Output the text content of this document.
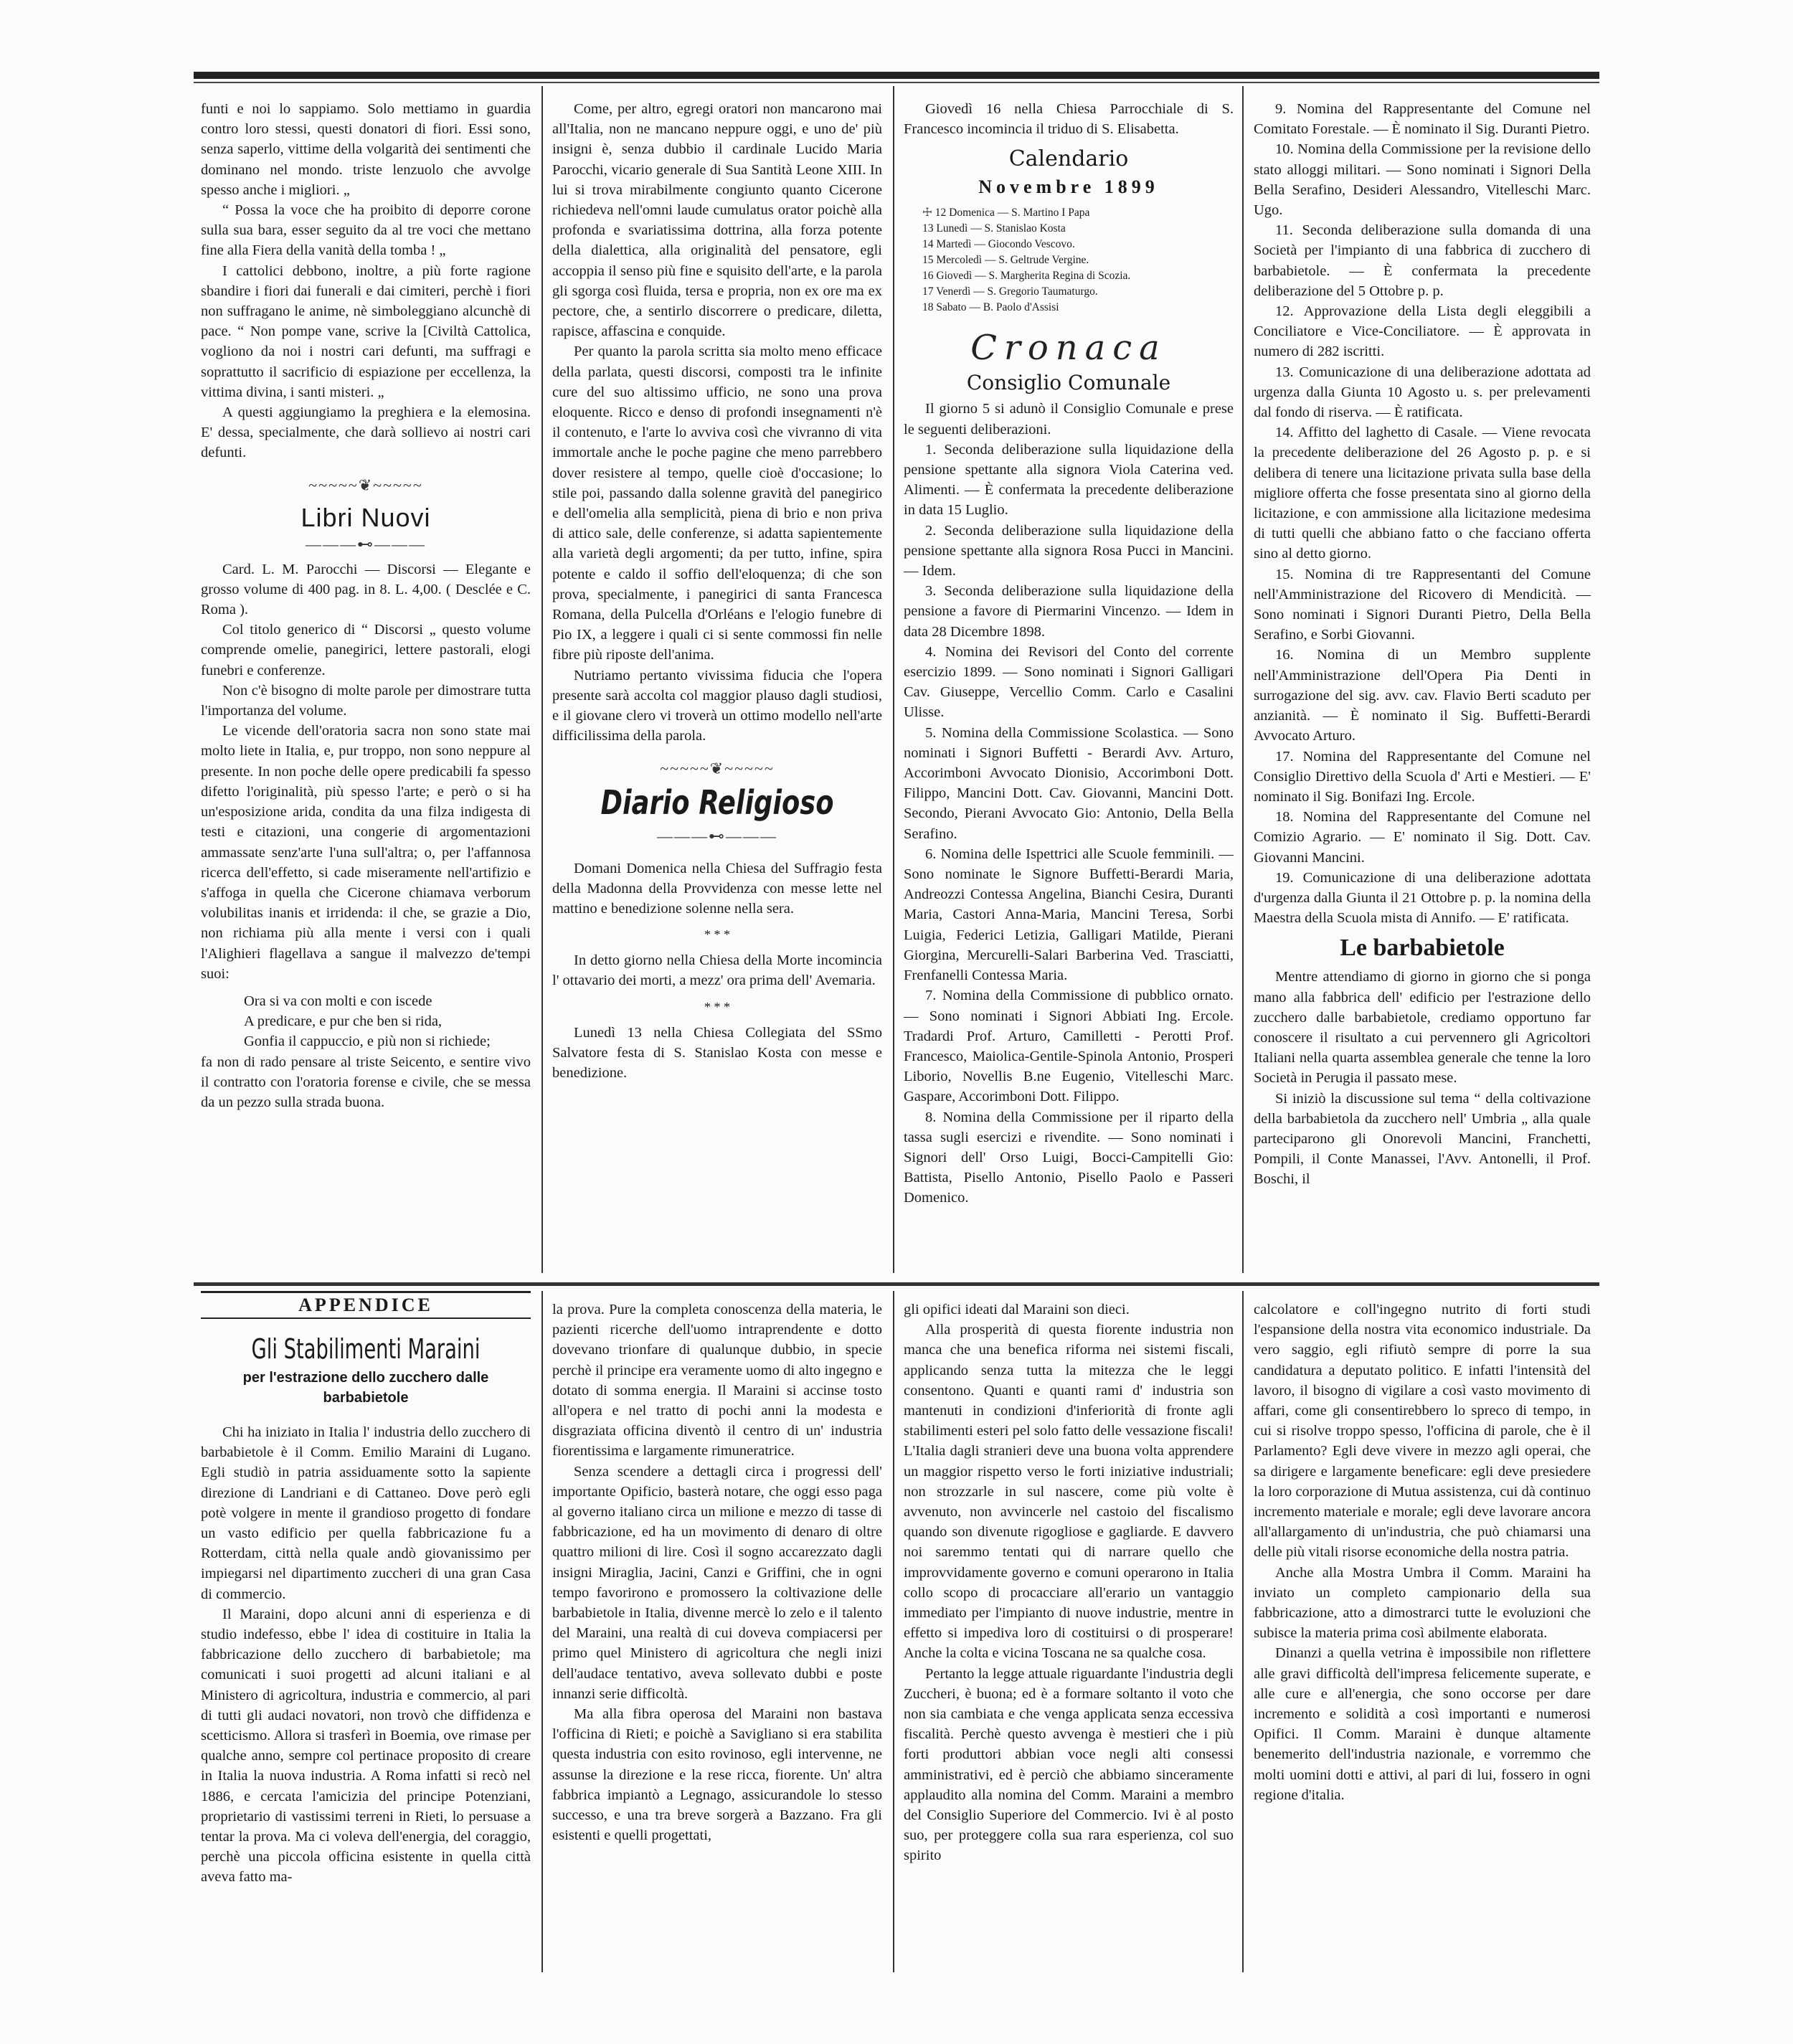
funti e noi lo sappiamo. Solo mettiamo in guardia contro loro stessi, questi donatori di fiori. Essi sono, senza saperlo, vittime della volgarità dei sentimenti che dominano nel mondo. triste lenzuolo che avvolge spesso anche i migliori. „

“ Possa la voce che ha proibito di deporre corone sulla sua bara, esser seguito da al tre voci che mettano fine alla Fiera della vanità della tomba ! „

I cattolici debbono, inoltre, a più forte ragione sbandire i fiori dai funerali e dai cimiteri, perchè i fiori non suffragano le anime, nè simboleggiano alcunchè di pace. “ Non pompe vane, scrive la [Civiltà Cattolica, vogliono da noi i nostri cari defunti, ma suffragi e soprattutto il sacrificio di espiazione per eccellenza, la vittima divina, i santi misteri. „

A questi aggiungiamo la preghiera e la elemosina. E' dessa, specialmente, che darà sollievo ai nostri cari defunti.

~~~~~❦~~~~~
Libri Nuovi
———⊷———

Card. L. M. Parocchi — Discorsi — Elegante e grosso volume di 400 pag. in 8. L. 4,00. ( Desclée e C. Roma ).

Col titolo generico di “ Discorsi „ questo volume comprende omelie, panegirici, lettere pastorali, elogi funebri e conferenze.

Non c'è bisogno di molte parole per dimostrare tutta l'importanza del volume.

Le vicende dell'oratoria sacra non sono state mai molto liete in Italia, e, pur troppo, non sono neppure al presente. In non poche delle opere predicabili fa spesso difetto l'originalità, più spesso l'arte; e però o si ha un'esposizione arida, condita da una filza indigesta di testi e citazioni, una congerie di argomentazioni ammassate senz'arte l'una sull'altra; o, per l'affannosa ricerca dell'effetto, si cade miseramente nell'artifizio e s'affoga in quella che Cicerone chiamava verborum volubilitas inanis et irridenda: il che, se grazie a Dio, non richiama più alla mente i versi con i quali l'Alighieri flagellava a sangue il malvezzo de'tempi suoi:

Ora si va con molti e con iscede

A predicare, e pur che ben si rida,

Gonfia il cappuccio, e più non si richiede;

fa non di rado pensare al triste Seicento, e sentire vivo il contratto con l'oratoria forense e civile, che se messa da un pezzo sulla strada buona.

Come, per altro, egregi oratori non mancarono mai all'Italia, non ne mancano neppure oggi, e uno de' più insigni è, senza dubbio il cardinale Lucido Maria Parocchi, vicario generale di Sua Santità Leone XIII. In lui si trova mirabilmente congiunto quanto Cicerone richiedeva nell'omni laude cumulatus orator poichè alla profonda e svariatissima dottrina, alla forza potente della dialettica, alla originalità del pensatore, egli accoppia il senso più fine e squisito dell'arte, e la parola gli sgorga così fluida, tersa e propria, non ex ore ma ex pectore, che, a sentirlo discorrere o predicare, diletta, rapisce, affascina e conquide.

Per quanto la parola scritta sia molto meno efficace della parlata, questi discorsi, composti tra le infinite cure del suo altissimo ufficio, ne sono una prova eloquente. Ricco e denso di profondi insegnamenti n'è il contenuto, e l'arte lo avviva così che vivranno di vita immortale anche le poche pagine che meno parrebbero dover resistere al tempo, quelle cioè d'occasione; lo stile poi, passando dalla solenne gravità del panegirico e dell'omelia alla semplicità, piena di brio e non priva di attico sale, delle conferenze, si adatta sapientemente alla varietà degli argomenti; da per tutto, infine, spira potente e caldo il soffio dell'eloquenza; di che son prova, specialmente, i panegirici di santa Francesca Romana, della Pulcella d'Orléans e l'elogio funebre di Pio IX, a leggere i quali ci si sente commossi fin nelle fibre più riposte dell'anima.

Nutriamo pertanto vivissima fiducia che l'opera presente sarà accolta col maggior plauso dagli studiosi, e il giovane clero vi troverà un ottimo modello nell'arte difficilissima della parola.

~~~~~❦~~~~~
Diario Religioso
———⊷———

Domani Domenica nella Chiesa del Suffragio festa della Madonna della Provvidenza con messe lette nel mattino e benedizione solenne nella sera.

* * *

In detto giorno nella Chiesa della Morte incomincia l' ottavario dei morti, a mezz' ora prima dell' Avemaria.

* * *

Lunedì 13 nella Chiesa Collegiata del SSmo Salvatore festa di S. Stanislao Kosta con messe e benedizione.

Giovedì 16 nella Chiesa Parrocchiale di S. Francesco incomincia il triduo di S. Elisabetta.

Calendario
Novembre 1899
☩ 12 Domenica — S. Martino I Papa
13 Lunedì — S. Stanislao Kosta
14 Martedì — Giocondo Vescovo.
15 Mercoledì — S. Geltrude Vergine.
16 Giovedì — S. Margherita Regina di Scozia.
17 Venerdì — S. Gregorio Taumaturgo.
18 Sabato — B. Paolo d'Assisi
Cronaca
Consiglio Comunale

Il giorno 5 si adunò il Consiglio Comunale e prese le seguenti deliberazioni.

1. Seconda deliberazione sulla liquidazione della pensione spettante alla signora Viola Caterina ved. Alimenti. — È confermata la precedente deliberazione in data 15 Luglio.

2. Seconda deliberazione sulla liquidazione della pensione spettante alla signora Rosa Pucci in Mancini. — Idem.

3. Seconda deliberazione sulla liquidazione della pensione a favore di Piermarini Vincenzo. — Idem in data 28 Dicembre 1898.

4. Nomina dei Revisori del Conto del corrente esercizio 1899. — Sono nominati i Signori Galligari Cav. Giuseppe, Vercellio Comm. Carlo e Casalini Ulisse.

5. Nomina della Commissione Scolastica. — Sono nominati i Signori Buffetti - Berardi Avv. Arturo, Accorimboni Avvocato Dionisio, Accorimboni Dott. Filippo, Mancini Dott. Cav. Giovanni, Mancini Dott. Secondo, Pierani Avvocato Gio: Antonio, Della Bella Serafino.

6. Nomina delle Ispettrici alle Scuole femminili. — Sono nominate le Signore Buffetti-Berardi Maria, Andreozzi Contessa Angelina, Bianchi Cesira, Duranti Maria, Castori Anna-Maria, Mancini Teresa, Sorbi Luigia, Federici Letizia, Galligari Matilde, Pierani Giorgina, Mercurelli-Salari Barberina Ved. Trasciatti, Frenfanelli Contessa Maria.

7. Nomina della Commissione di pubblico ornato. — Sono nominati i Signori Abbiati Ing. Ercole. Tradardi Prof. Arturo, Camilletti - Perotti Prof. Francesco, Maiolica-Gentile-Spinola Antonio, Prosperi Liborio, Novellis B.ne Eugenio, Vitelleschi Marc. Gaspare, Accorimboni Dott. Filippo.

8. Nomina della Commissione per il riparto della tassa sugli esercizi e rivendite. — Sono nominati i Signori dell' Orso Luigi, Bocci-Campitelli Gio: Battista, Pisello Antonio, Pisello Paolo e Passeri Domenico.

9. Nomina del Rappresentante del Comune nel Comitato Forestale. — È nominato il Sig. Duranti Pietro.

10. Nomina della Commissione per la revisione dello stato alloggi militari. — Sono nominati i Signori Della Bella Serafino, Desideri Alessandro, Vitelleschi Marc. Ugo.

11. Seconda deliberazione sulla domanda di una Società per l'impianto di una fabbrica di zucchero di barbabietole. — È confermata la precedente deliberazione del 5 Ottobre p. p.

12. Approvazione della Lista degli eleggibili a Conciliatore e Vice-Conciliatore. — È approvata in numero di 282 iscritti.

13. Comunicazione di una deliberazione adottata ad urgenza dalla Giunta 10 Agosto u. s. per prelevamenti dal fondo di riserva. — È ratificata.

14. Affitto del laghetto di Casale. — Viene revocata la precedente deliberazione del 26 Agosto p. p. e si delibera di tenere una licitazione privata sulla base della migliore offerta che fosse presentata sino al giorno della licitazione, e con ammissione alla licitazione medesima di tutti quelli che abbiano fatto o che facciano offerta sino al detto giorno.

15. Nomina di tre Rappresentanti del Comune nell'Amministrazione del Ricovero di Mendicità. — Sono nominati i Signori Duranti Pietro, Della Bella Serafino, e Sorbi Giovanni.

16. Nomina di un Membro supplente nell'Amministrazione dell'Opera Pia Denti in surrogazione del sig. avv. cav. Flavio Berti scaduto per anzianità. — È nominato il Sig. Buffetti-Berardi Avvocato Arturo.

17. Nomina del Rappresentante del Comune nel Consiglio Direttivo della Scuola d' Arti e Mestieri. — E' nominato il Sig. Bonifazi Ing. Ercole.

18. Nomina del Rappresentante del Comune nel Comizio Agrario. — E' nominato il Sig. Dott. Cav. Giovanni Mancini.

19. Comunicazione di una deliberazione adottata d'urgenza dalla Giunta il 21 Ottobre p. p. la nomina della Maestra della Scuola mista di Annifo. — E' ratificata.

Le barbabietole

Mentre attendiamo di giorno in giorno che si ponga mano alla fabbrica dell' edificio per l'estrazione dello zucchero dalle barbabietole, crediamo opportuno far conoscere il risultato a cui pervennero gli Agricoltori Italiani nella quarta assemblea generale che tenne la loro Società in Perugia il passato mese.

Si iniziò la discussione sul tema “ della coltivazione della barbabietola da zucchero nell' Umbria „ alla quale parteciparono gli Onorevoli Mancini, Franchetti, Pompili, il Conte Manassei, l'Avv. Antonelli, il Prof. Boschi, il

APPENDICE
Gli Stabilimenti Maraini
per l'estrazione dello zucchero dalle barbabietole

Chi ha iniziato in Italia l' industria dello zucchero di barbabietole è il Comm. Emilio Maraini di Lugano. Egli studiò in patria assiduamente sotto la sapiente direzione di Landriani e di Cattaneo. Dove però egli potè volgere in mente il grandioso progetto di fondare un vasto edificio per quella fabbricazione fu a Rotterdam, città nella quale andò giovanissimo per impiegarsi nel dipartimento zuccheri di una gran Casa di commercio.

Il Maraini, dopo alcuni anni di esperienza e di studio indefesso, ebbe l' idea di costituire in Italia la fabbricazione dello zucchero di barbabietole; ma comunicati i suoi progetti ad alcuni italiani e al Ministero di agricoltura, industria e commercio, al pari di tutti gli audaci novatori, non trovò che diffidenza e scetticismo. Allora si trasferì in Boemia, ove rimase per qualche anno, sempre col pertinace proposito di creare in Italia la nuova industria. A Roma infatti si recò nel 1886, e cercata l'amicizia del principe Potenziani, proprietario di vastissimi terreni in Rieti, lo persuase a tentar la prova. Ma ci voleva dell'energia, del coraggio, perchè una piccola officina esistente in quella città aveva fatto ma-

la prova. Pure la completa conoscenza della materia, le pazienti ricerche dell'uomo intraprendente e dotto dovevano trionfare di qualunque dubbio, in specie perchè il principe era veramente uomo di alto ingegno e dotato di somma energia. Il Maraini si accinse tosto all'opera e nel tratto di pochi anni la modesta e disgraziata officina diventò il centro di un' industria fiorentissima e largamente rimuneratrice.

Senza scendere a dettagli circa i progressi dell' importante Opificio, basterà notare, che oggi esso paga al governo italiano circa un milione e mezzo di tasse di fabbricazione, ed ha un movimento di denaro di oltre quattro milioni di lire. Così il sogno accarezzato dagli insigni Miraglia, Jacini, Canzi e Griffini, che in ogni tempo favorirono e promossero la coltivazione delle barbabietole in Italia, divenne mercè lo zelo e il talento del Maraini, una realtà di cui doveva compiacersi per primo quel Ministero di agricoltura che negli inizi dell'audace tentativo, aveva sollevato dubbi e poste innanzi serie difficoltà.

Ma alla fibra operosa del Maraini non bastava l'officina di Rieti; e poichè a Savigliano si era stabilita questa industria con esito rovinoso, egli intervenne, ne assunse la direzione e la rese ricca, fiorente. Un' altra fabbrica impiantò a Legnago, assicurandole lo stesso successo, e una tra breve sorgerà a Bazzano. Fra gli esistenti e quelli progettati,

gli opifici ideati dal Maraini son dieci.

Alla prosperità di questa fiorente industria non manca che una benefica riforma nei sistemi fiscali, applicando senza tutta la mitezza che le leggi consentono. Quanti e quanti rami d' industria son mantenuti in condizioni d'inferiorità di fronte agli stabilimenti esteri pel solo fatto delle vessazione fiscali! L'Italia dagli stranieri deve una buona volta apprendere un maggior rispetto verso le forti iniziative industriali; non strozzarle in sul nascere, come più volte è avvenuto, non avvincerle nel castoio del fiscalismo quando son divenute rigogliose e gagliarde. E davvero noi saremmo tentati qui di narrare quello che improvvidamente governo e comuni operarono in Italia collo scopo di procacciare all'erario un vantaggio immediato per l'impianto di nuove industrie, mentre in effetto si impediva loro di costituirsi o di prosperare! Anche la colta e vicina Toscana ne sa qualche cosa.

Pertanto la legge attuale riguardante l'industria degli Zuccheri, è buona; ed è a formare soltanto il voto che non sia cambiata e che venga applicata senza eccessiva fiscalità. Perchè questo avvenga è mestieri che i più forti produttori abbian voce negli alti consessi amministrativi, ed è perciò che abbiamo sinceramente applaudito alla nomina del Comm. Maraini a membro del Consiglio Superiore del Commercio. Ivi è al posto suo, per proteggere colla sua rara esperienza, col suo spirito

calcolatore e coll'ingegno nutrito di forti studi l'espansione della nostra vita economico industriale. Da vero saggio, egli rifiutò sempre di porre la sua candidatura a deputato politico. E infatti l'intensità del lavoro, il bisogno di vigilare a così vasto movimento di affari, come gli consentirebbero lo spreco di tempo, in cui si risolve troppo spesso, l'officina di parole, che è il Parlamento? Egli deve vivere in mezzo agli operai, che sa dirigere e largamente beneficare: egli deve presiedere la loro corporazione di Mutua assistenza, cui dà continuo incremento materiale e morale; egli deve lavorare ancora all'allargamento di un'industria, che può chiamarsi una delle più vitali risorse economiche della nostra patria.

Anche alla Mostra Umbra il Comm. Maraini ha inviato un completo campionario della sua fabbricazione, atto a dimostrarci tutte le evoluzioni che subisce la materia prima così abilmente elaborata.

Dinanzi a quella vetrina è impossibile non riflettere alle gravi difficoltà dell'impresa felicemente superate, e alle cure e all'energia, che sono occorse per dare incremento e solidità a così importanti e numerosi Opifici. Il Comm. Maraini è dunque altamente benemerito dell'industria nazionale, e vorremmo che molti uomini dotti e attivi, al pari di lui, fossero in ogni regione d'italia.
